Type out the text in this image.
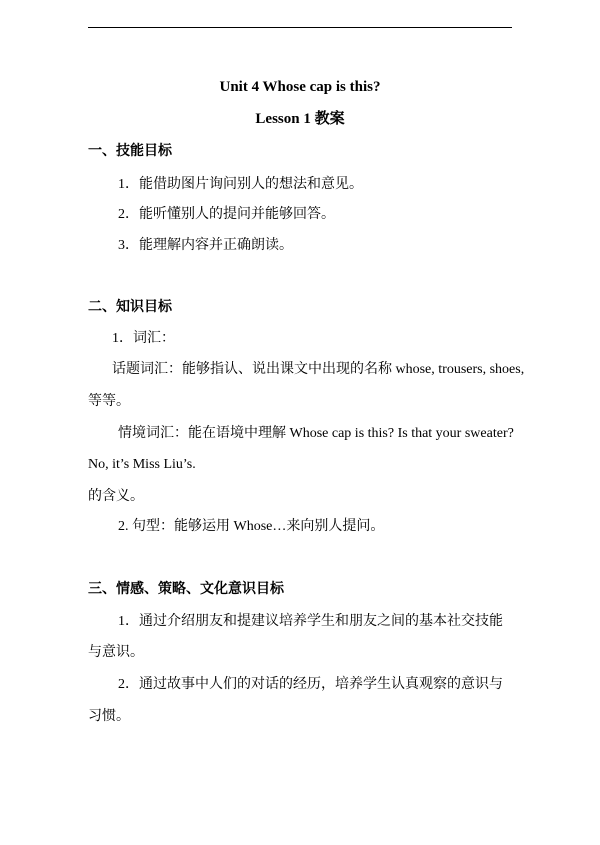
Unit 4 Whose cap is this?
Lesson 1 教案
一、技能目标
1．能借助图片询问别人的想法和意见。
2．能听懂别人的提问并能够回答。
3．能理解内容并正确朗读。
二、知识目标
1．词汇：
话题词汇：能够指认、说出课文中出现的名称 whose, trousers, shoes,
等等。
情境词汇：能在语境中理解 Whose cap is this? Is that your sweater?
No, it’s Miss Liu’s.
的含义。
2. 句型：能够运用 Whose…来向别人提问。
三、情感、策略、文化意识目标
1．通过介绍朋友和提建议培养学生和朋友之间的基本社交技能
与意识。
2．通过故事中人们的对话的经历，培养学生认真观察的意识与
习惯。
